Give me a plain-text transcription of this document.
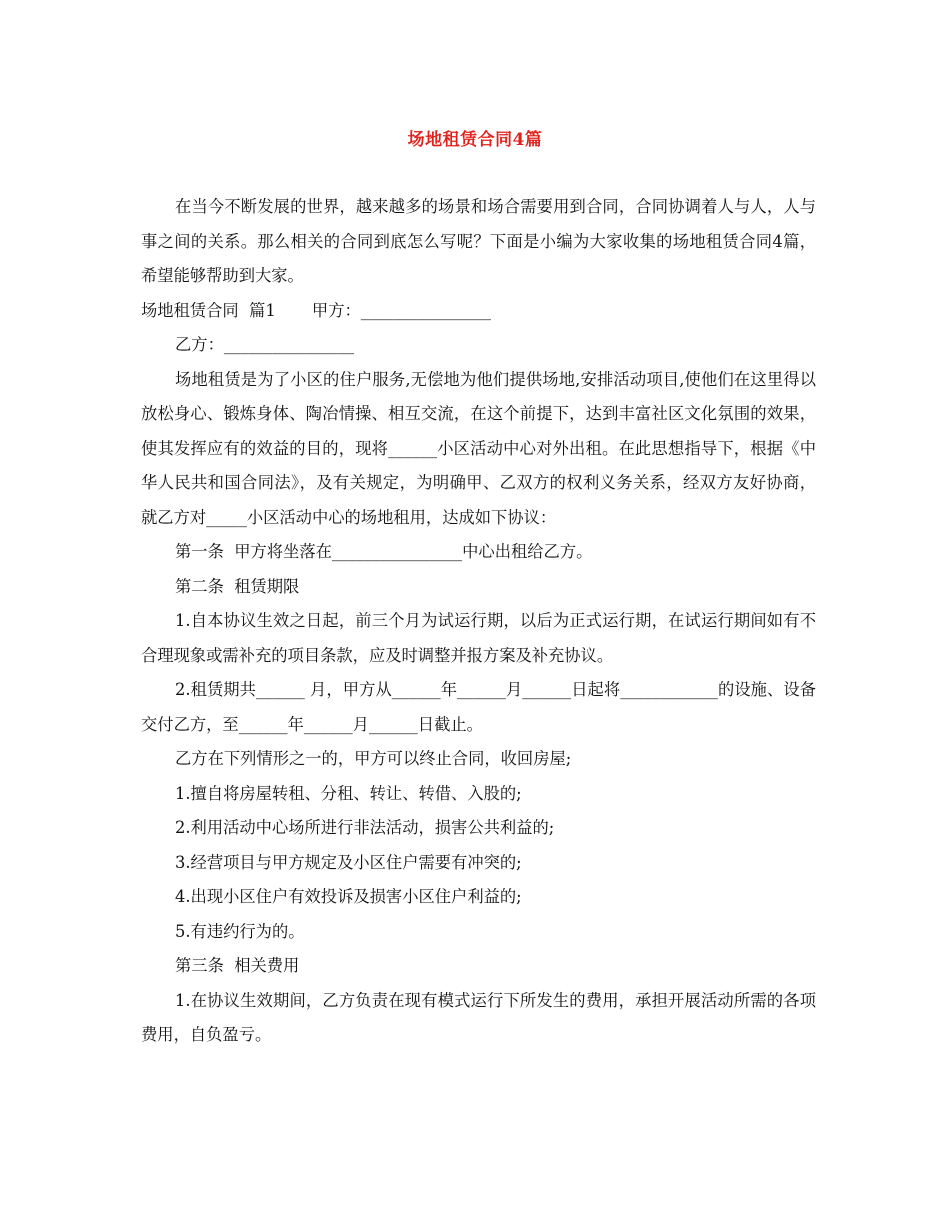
场地租赁合同4篇

在当今不断发展的世界，越来越多的场景和场合需要用到合同，合同协调着人与人，人与事之间的关系。那么相关的合同到底怎么写呢？下面是小编为大家收集的场地租赁合同4篇，希望能够帮助到大家。

场地租赁合同  篇1       甲方：________________

乙方：________________

场地租赁是为了小区的住户服务,无偿地为他们提供场地,安排活动项目,使他们在这里得以放松身心、锻炼身体、陶冶情操、相互交流，在这个前提下，达到丰富社区文化氛围的效果，使其发挥应有的效益的目的，现将______小区活动中心对外出租。在此思想指导下，根据《中华人民共和国合同法》，及有关规定，为明确甲、乙双方的权利义务关系，经双方友好协商，就乙方对_____小区活动中心的场地租用，达成如下协议：

第一条  甲方将坐落在________________中心出租给乙方。

第二条  租赁期限

1.自本协议生效之日起，前三个月为试运行期，以后为正式运行期，在试运行期间如有不合理现象或需补充的项目条款，应及时调整并报方案及补充协议。

2.租赁期共______ 月，甲方从______年______月______日起将____________的设施、设备交付乙方，至______年______月______日截止。

乙方在下列情形之一的，甲方可以终止合同，收回房屋;

1.擅自将房屋转租、分租、转让、转借、入股的;

2.利用活动中心场所进行非法活动，损害公共利益的;

3.经营项目与甲方规定及小区住户需要有冲突的;

4.出现小区住户有效投诉及损害小区住户利益的;

5.有违约行为的。

第三条  相关费用

1.在协议生效期间，乙方负责在现有模式运行下所发生的费用，承担开展活动所需的各项费用，自负盈亏。
